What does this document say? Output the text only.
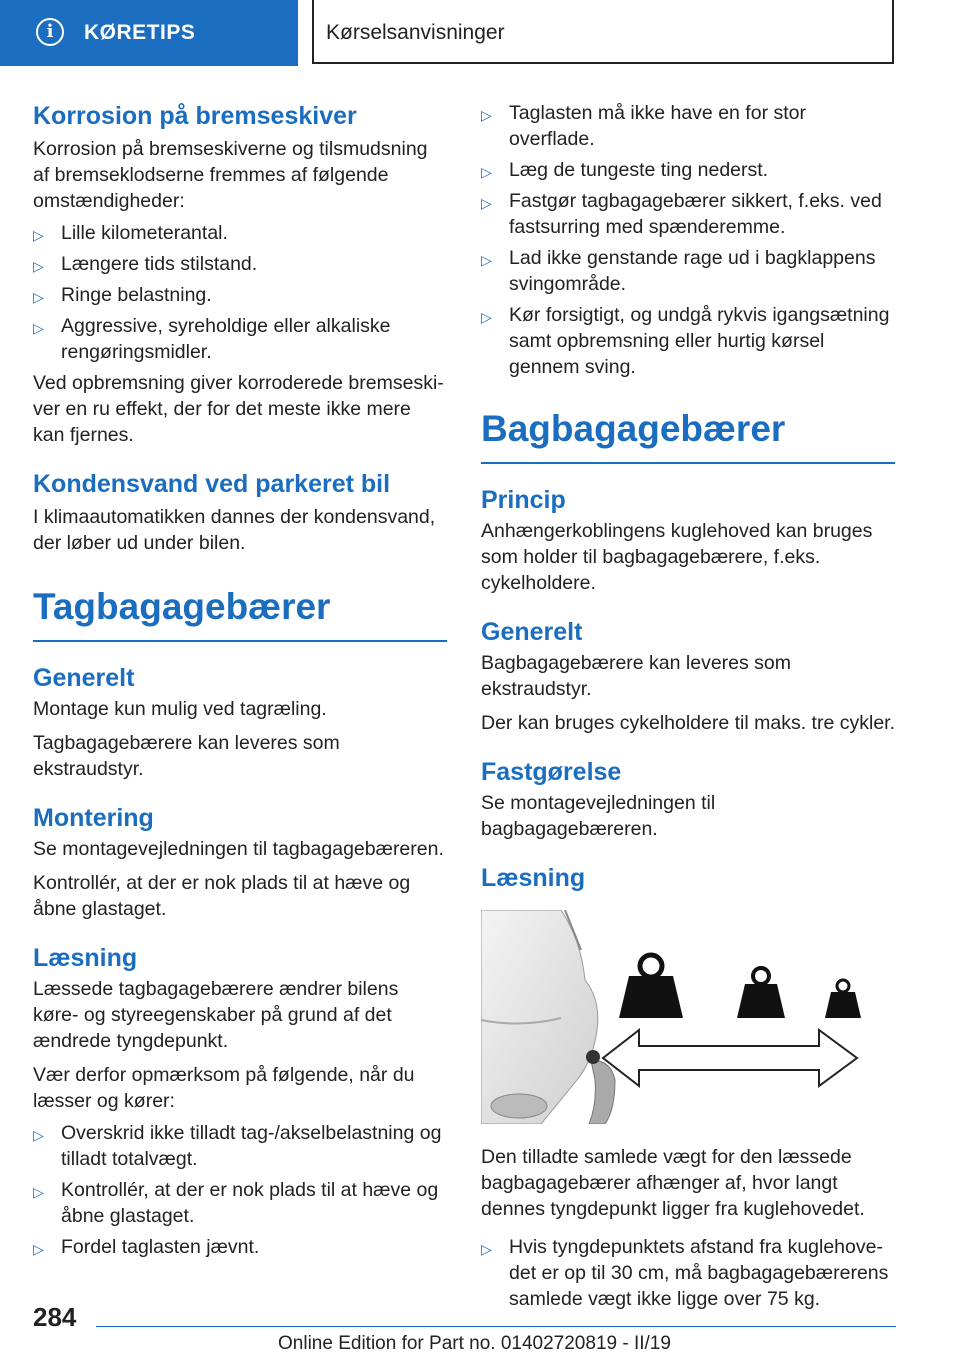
i	KØRETIPS	Kørselsanvisninger
Korrosion på bremseskiver

Korrosion på bremseskiverne og tilsmudsning af bremseklodserne fremmes af følgende omstændigheder:

▷ Lille kilometerantal.
▷ Længere tids stilstand.
▷ Ringe belastning.
▷ Aggressive, syreholdige eller alkaliske rengøringsmidler.

Ved opbremsning giver korroderede bremseskiver en ru effekt, der for det meste ikke mere kan fjernes.

Kondensvand ved parkeret bil

I klimaautomatikken dannes der kondensvand, der løber ud under bilen.

Tagbagagebærer
Generelt

Montage kun mulig ved tagræling.

Tagbagagebærere kan leveres som ekstraudstyr.

Montering

Se montagevejledningen til tagbagagebæreren.

Kontrollér, at der er nok plads til at hæve og åbne glastaget.

Læsning

Læssede tagbagagebærere ændrer bilens køre- og styreegenskaber på grund af det ændrede tyngdepunkt.

Vær derfor opmærksom på følgende, når du læsser og kører:

▷ Overskrid ikke tilladt tag-/akselbelastning og tilladt totalvægt.
▷ Kontrollér, at der er nok plads til at hæve og åbne glastaget.
▷ Fordel taglasten jævnt.
▷ Taglasten må ikke have en for stor overflade.
▷ Læg de tungeste ting nederst.
▷ Fastgør tagbagagebærer sikkert, f.eks. ved fastsurring med spænderemme.
▷ Lad ikke genstande rage ud i bagklappens svingområde.
▷ Kør forsigtigt, og undgå rykvis igangsætning samt opbremsning eller hurtig kørsel gennem sving.
Bagbagagebærer
Princip

Anhængerkoblingens kuglehoved kan bruges som holder til bagbagagebærere, f.eks. cykelholdere.

Generelt

Bagbagagebærere kan leveres som ekstraudstyr.

Der kan bruges cykelholdere til maks. tre cykler.

Fastgørelse

Se montagevejledningen til bagbagagebæreren.

Læsning

Den tilladte samlede vægt for den læssede bagbagagebærer afhænger af, hvor langt dennes tyngdepunkt ligger fra kuglehovedet.

▷ Hvis tyngdepunktets afstand fra kuglehovedet er op til 30 cm, må bagbagagebærerens samlede vægt ikke ligge over 75 kg.
284
Online Edition for Part no. 01402720819 - II/19
